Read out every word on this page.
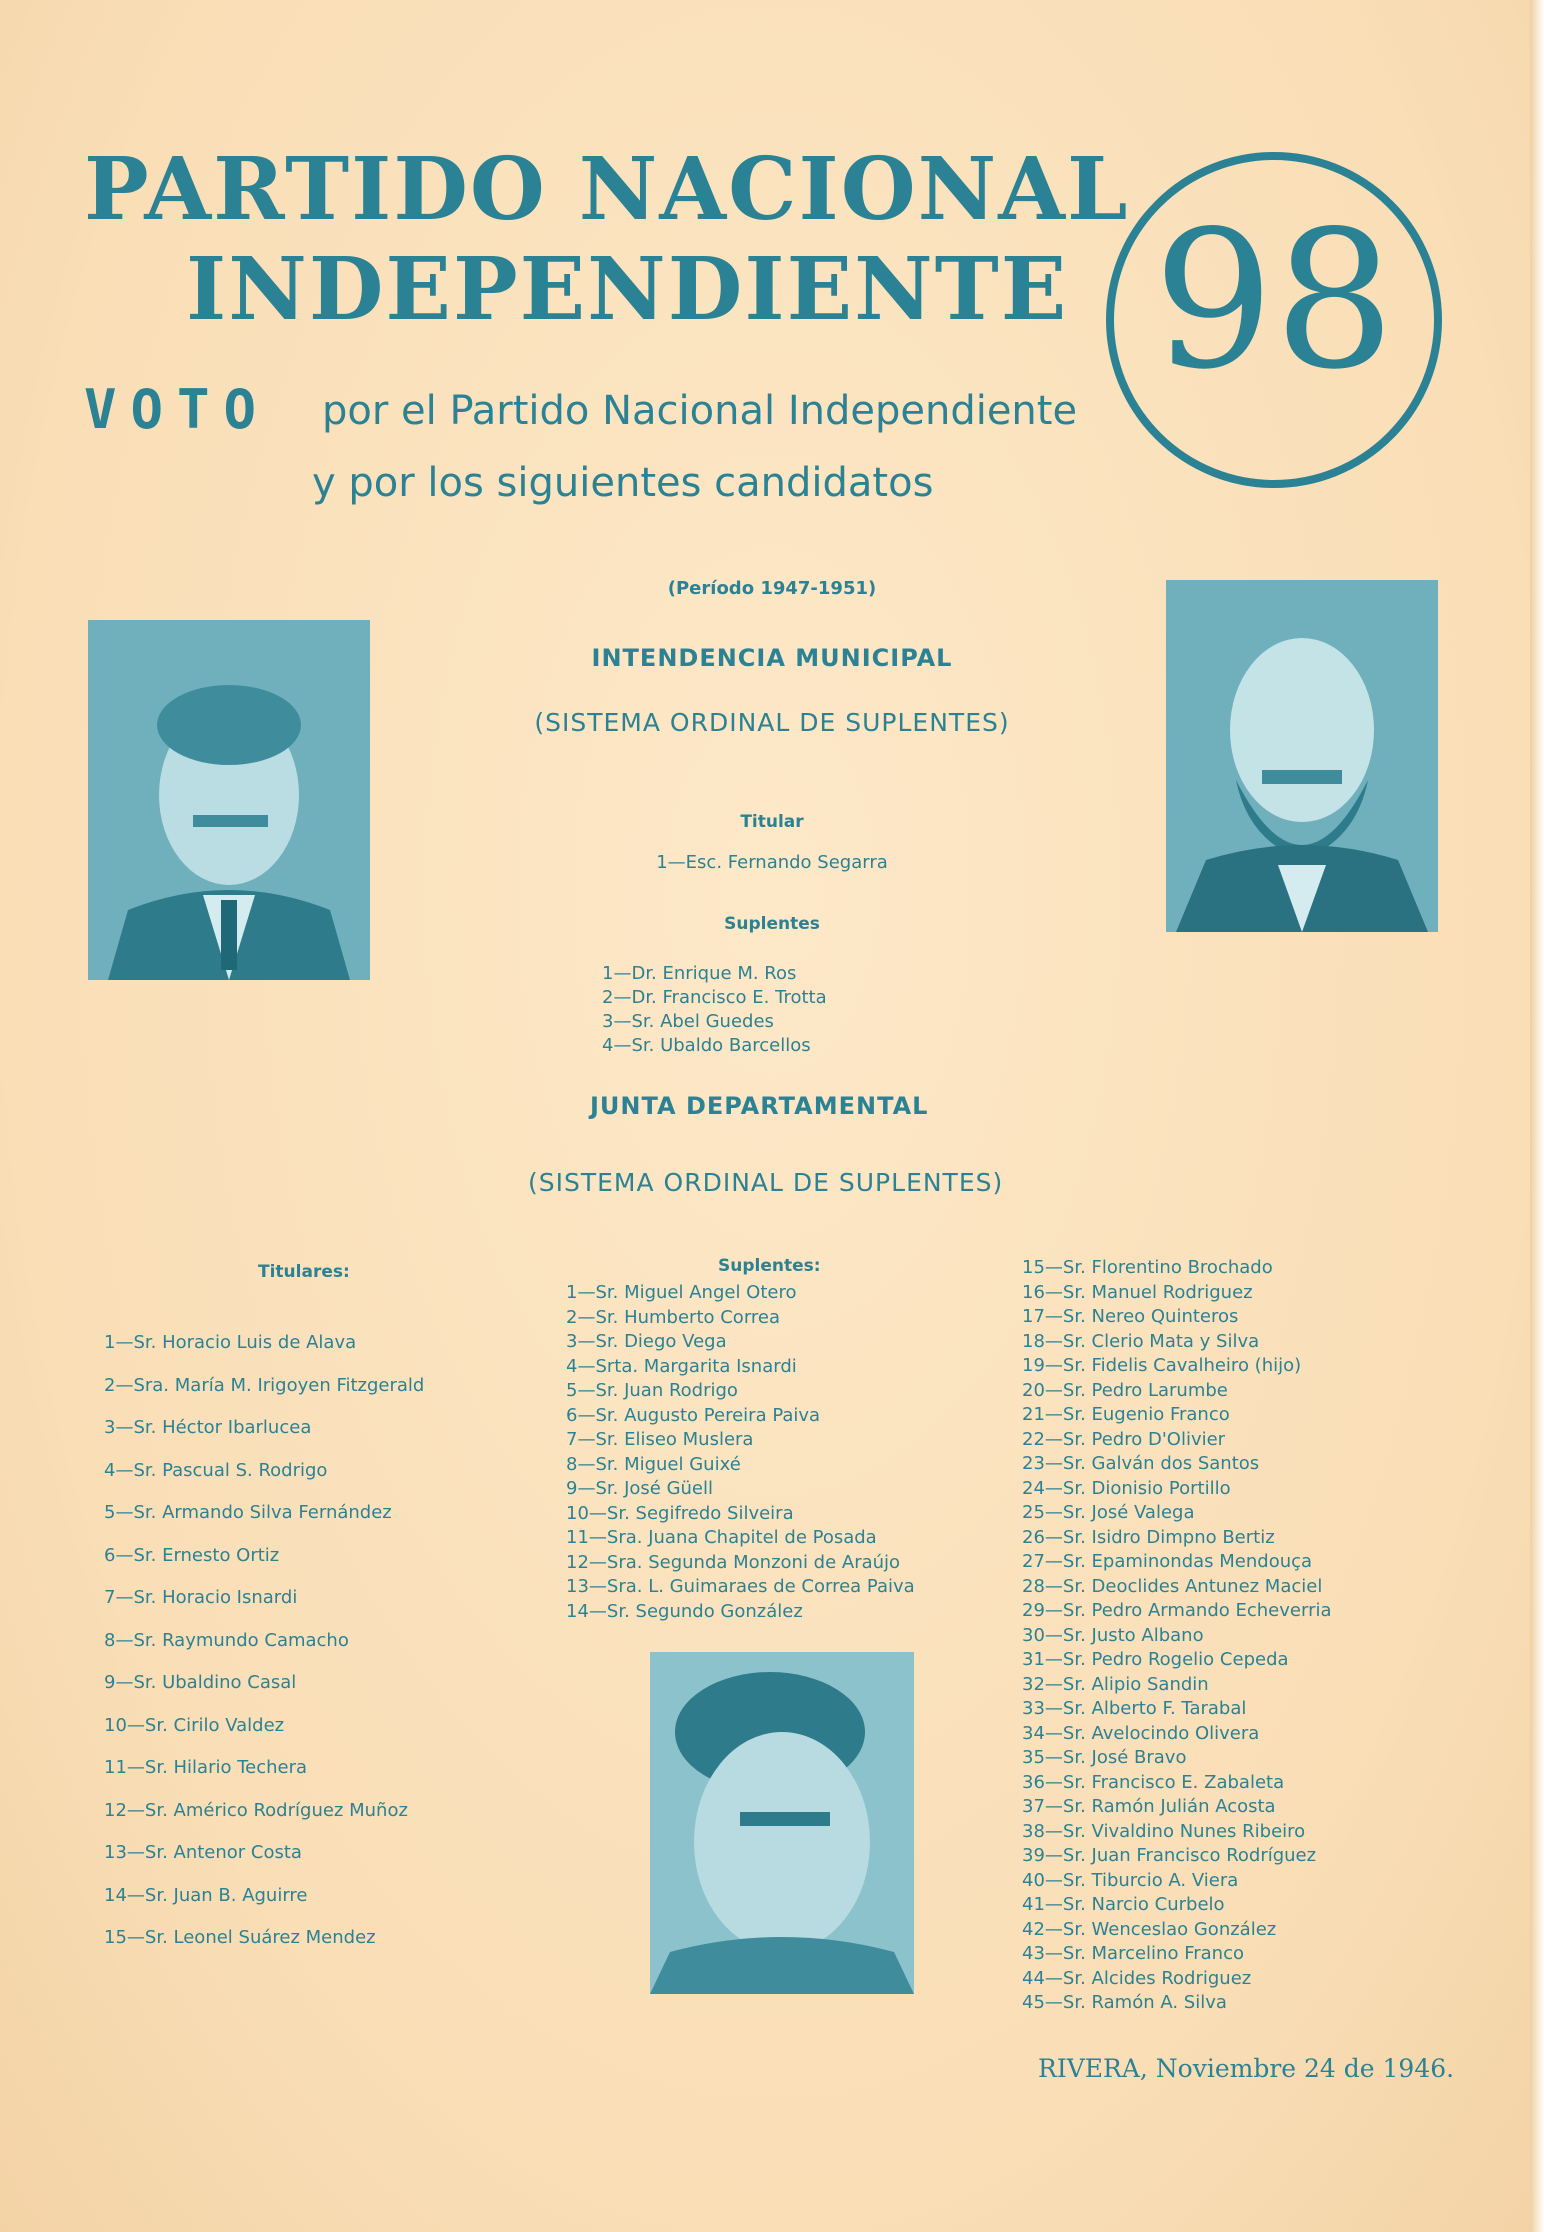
PARTIDO NACIONAL
INDEPENDIENTE
VOTO por el Partido Nacional Independiente
y por los siguientes candidatos
98
(Período 1947-1951)
INTENDENCIA MUNICIPAL
(SISTEMA ORDINAL DE SUPLENTES)
Titular
1—Esc. Fernando Segarra
Suplentes
1—Dr. Enrique M. Ros
2—Dr. Francisco E. Trotta
3—Sr. Abel Guedes
4—Sr. Ubaldo Barcellos
JUNTA DEPARTAMENTAL
(SISTEMA ORDINAL DE SUPLENTES)
Titulares:
1—Sr. Horacio Luis de Alava
2—Sra. María M. Irigoyen Fitzgerald
3—Sr. Héctor Ibarlucea
4—Sr. Pascual S. Rodrigo
5—Sr. Armando Silva Fernández
6—Sr. Ernesto Ortiz
7—Sr. Horacio Isnardi
8—Sr. Raymundo Camacho
9—Sr. Ubaldino Casal
10—Sr. Cirilo Valdez
11—Sr. Hilario Techera
12—Sr. Américo Rodríguez Muñoz
13—Sr. Antenor Costa
14—Sr. Juan B. Aguirre
15—Sr. Leonel Suárez Mendez
Suplentes:
1—Sr. Miguel Angel Otero
2—Sr. Humberto Correa
3—Sr. Diego Vega
4—Srta. Margarita Isnardi
5—Sr. Juan Rodrigo
6—Sr. Augusto Pereira Paiva
7—Sr. Eliseo Muslera
8—Sr. Miguel Guixé
9—Sr. José Güell
10—Sr. Segifredo Silveira
11—Sra. Juana Chapitel de Posada
12—Sra. Segunda Monzoni de Araújo
13—Sra. L. Guimaraes de Correa Paiva
14—Sr. Segundo González
15—Sr. Florentino Brochado
16—Sr. Manuel Rodriguez
17—Sr. Nereo Quinteros
18—Sr. Clerio Mata y Silva
19—Sr. Fidelis Cavalheiro (hijo)
20—Sr. Pedro Larumbe
21—Sr. Eugenio Franco
22—Sr. Pedro D'Olivier
23—Sr. Galván dos Santos
24—Sr. Dionisio Portillo
25—Sr. José Valega
26—Sr. Isidro Dimpno Bertiz
27—Sr. Epaminondas Mendouça
28—Sr. Deoclides Antunez Maciel
29—Sr. Pedro Armando Echeverria
30—Sr. Justo Albano
31—Sr. Pedro Rogelio Cepeda
32—Sr. Alipio Sandin
33—Sr. Alberto F. Tarabal
34—Sr. Avelocindo Olivera
35—Sr. José Bravo
36—Sr. Francisco E. Zabaleta
37—Sr. Ramón Julián Acosta
38—Sr. Vivaldino Nunes Ribeiro
39—Sr. Juan Francisco Rodríguez
40—Sr. Tiburcio A. Viera
41—Sr. Narcio Curbelo
42—Sr. Wenceslao González
43—Sr. Marcelino Franco
44—Sr. Alcides Rodriguez
45—Sr. Ramón A. Silva
RIVERA, Noviembre 24 de 1946.
